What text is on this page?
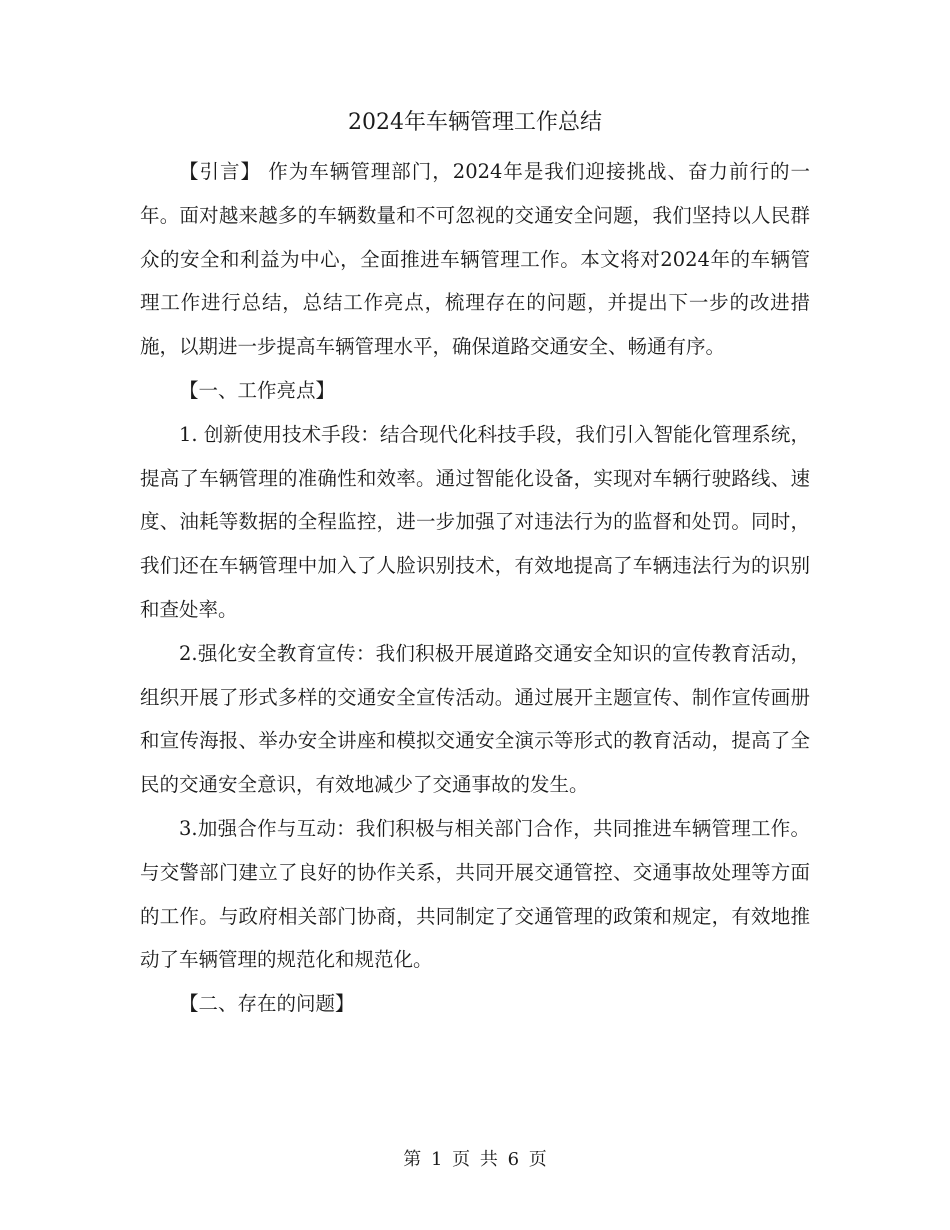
2024年车辆管理工作总结

【引言】 作为车辆管理部门，2024年是我们迎接挑战、奋力前行的一年。面对越来越多的车辆数量和不可忽视的交通安全问题，我们坚持以人民群众的安全和利益为中心，全面推进车辆管理工作。本文将对2024年的车辆管理工作进行总结，总结工作亮点，梳理存在的问题，并提出下一步的改进措施，以期进一步提高车辆管理水平，确保道路交通安全、畅通有序。

【一、工作亮点】

1. 创新使用技术手段：结合现代化科技手段，我们引入智能化管理系统，提高了车辆管理的准确性和效率。通过智能化设备，实现对车辆行驶路线、速度、油耗等数据的全程监控，进一步加强了对违法行为的监督和处罚。同时，我们还在车辆管理中加入了人脸识别技术，有效地提高了车辆违法行为的识别和查处率。

2.强化安全教育宣传：我们积极开展道路交通安全知识的宣传教育活动，组织开展了形式多样的交通安全宣传活动。通过展开主题宣传、制作宣传画册和宣传海报、举办安全讲座和模拟交通安全演示等形式的教育活动，提高了全民的交通安全意识，有效地减少了交通事故的发生。

3.加强合作与互动：我们积极与相关部门合作，共同推进车辆管理工作。与交警部门建立了良好的协作关系，共同开展交通管控、交通事故处理等方面的工作。与政府相关部门协商，共同制定了交通管理的政策和规定，有效地推动了车辆管理的规范化和规范化。

【二、存在的问题】

第 1 页 共 6 页
